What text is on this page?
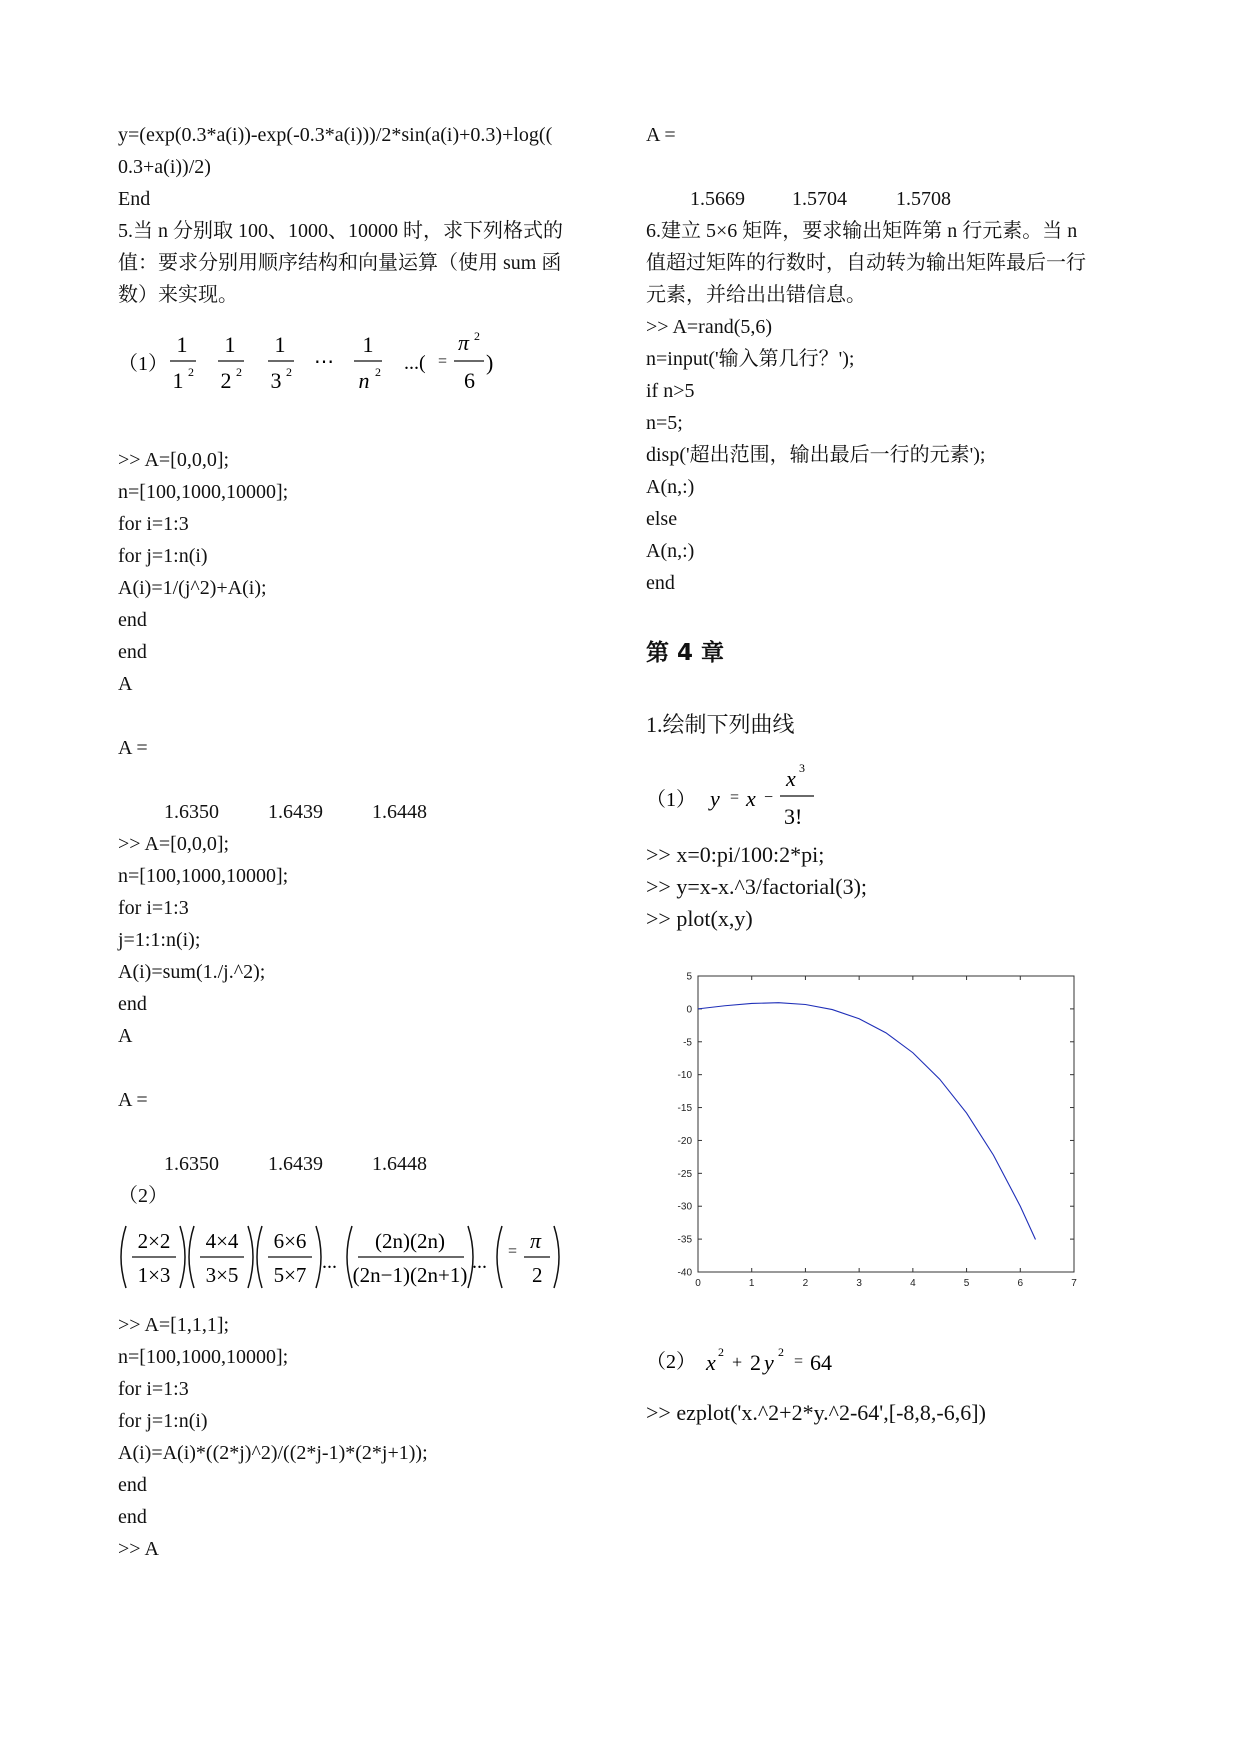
y=(exp(0.3*a(i))-exp(-0.3*a(i)))/2*sin(a(i)+0.3)+log((
0.3+a(i))/2)
End
5.当 n 分别取 100、1000、10000 时，求下列格式的
值：要求分别用顺序结构和向量运算（使用 sum 函
数）来实现。
（1）
1
1 2
1
2 2
1
3 2 ⋯
1
n 2 ...( =
π 2
6
)
>> A=[0,0,0];
n=[100,1000,10000];
for i=1:3
for j=1:n(i)
A(i)=1/(j^2)+A(i);
end
end
A
A =
1.6350 1.6439 1.6448
>> A=[0,0,0];
n=[100,1000,10000];
for i=1:3
j=1:1:n(i);
A(i)=sum(1./j.^2);
end
A
A =
1.6350 1.6439 1.6448
（2）
2×2
1×3
4×4
3×5
6×6
5×7
...
(2n)(2n)
(2n−1)(2n+1)
... = π
2
>> A=[1,1,1];
n=[100,1000,10000];
for i=1:3
for j=1:n(i)
A(i)=A(i)*((2*j)^2)/((2*j-1)*(2*j+1));
end
end
>> A
A =
1.5669 1.5704 1.5708
6.建立 5×6 矩阵，要求输出矩阵第 n 行元素。当 n
值超过矩阵的行数时，自动转为输出矩阵最后一行
元素，并给出出错信息。
>> A=rand(5,6)
n=input('输入第几行？');
if n>5
n=5;
disp('超出范围，输出最后一行的元素');
A(n,:)
else
A(n,:)
end
第 4 章
1.绘制下列曲线
（1） y = x −
x 3
3!
>> x=0:pi/100:2*pi;
>> y=x-x.^3/factorial(3);
>> plot(x,y)
0	1	2	3	4	5	6	7
5
0
-5
-10
-15
-20
-25
-30
-35
-40
（2） x 2 + 2 y 2
= 64
>> ezplot('x.^2+2*y.^2-64',[-8,8,-6,6])
